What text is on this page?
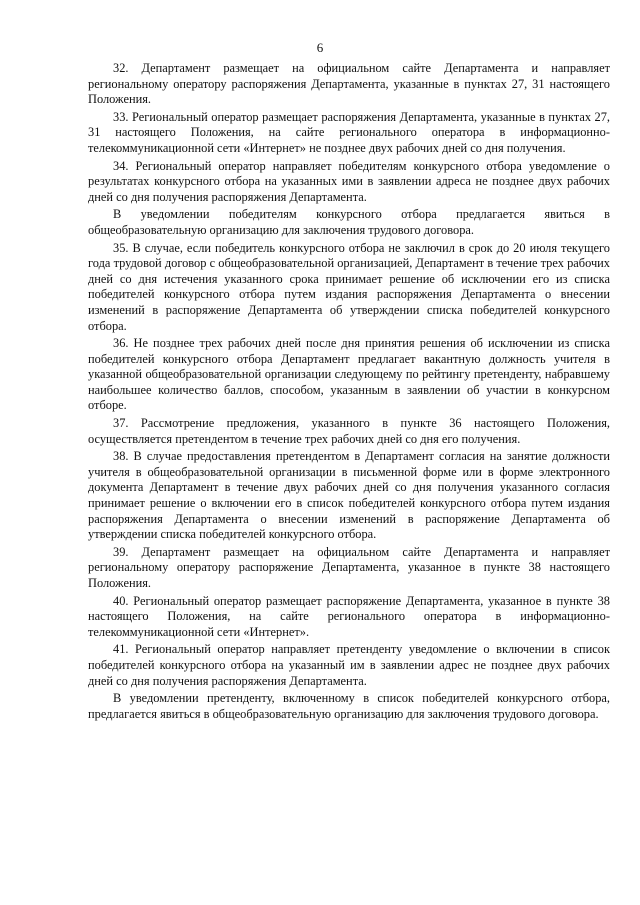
6

32. Департамент размещает на официальном сайте Департамента и направляет региональному оператору распоряжения Департамента, указанные в пунктах 27, 31 настоящего Положения.

33. Региональный оператор размещает распоряжения Департамента, указанные в пунктах 27, 31 настоящего Положения, на сайте регионального оператора в информационно-телекоммуникационной сети «Интернет» не позднее двух рабочих дней со дня получения.

34. Региональный оператор направляет победителям конкурсного отбора уведомление о результатах конкурсного отбора на указанных ими в заявлении адреса не позднее двух рабочих дней со дня получения распоряжения Департамента.

В уведомлении победителям конкурсного отбора предлагается явиться в общеобразовательную организацию для заключения трудового договора.

35. В случае, если победитель конкурсного отбора не заключил в срок до 20 июля текущего года трудовой договор с общеобразовательной организацией, Департамент в течение трех рабочих дней со дня истечения указанного срока принимает решение об исключении его из списка победителей конкурсного отбора путем издания распоряжения Департамента о внесении изменений в распоряжение Департамента об утверждении списка победителей конкурсного отбора.

36. Не позднее трех рабочих дней после дня принятия решения об исключении из списка победителей конкурсного отбора Департамент предлагает вакантную должность учителя в указанной общеобразовательной организации следующему по рейтингу претенденту, набравшему наибольшее количество баллов, способом, указанным в заявлении об участии в конкурсном отборе.

37. Рассмотрение предложения, указанного в пункте 36 настоящего Положения, осуществляется претендентом в течение трех рабочих дней со дня его получения.

38. В случае предоставления претендентом в Департамент согласия на занятие должности учителя в общеобразовательной организации в письменной форме или в форме электронного документа Департамент в течение двух рабочих дней со дня получения указанного согласия принимает решение о включении его в список победителей конкурсного отбора путем издания распоряжения Департамента о внесении изменений в распоряжение Департамента об утверждении списка победителей конкурсного отбора.

39. Департамент размещает на официальном сайте Департамента и направляет региональному оператору распоряжение Департамента, указанное в пункте 38 настоящего Положения.

40. Региональный оператор размещает распоряжение Департамента, указанное в пункте 38 настоящего Положения, на сайте регионального оператора в информационно-телекоммуникационной сети «Интернет».

41. Региональный оператор направляет претенденту уведомление о включении в список победителей конкурсного отбора на указанный им в заявлении адрес не позднее двух рабочих дней со дня получения распоряжения Департамента.

В уведомлении претенденту, включенному в список победителей конкурсного отбора, предлагается явиться в общеобразовательную организацию для заключения трудового договора.
